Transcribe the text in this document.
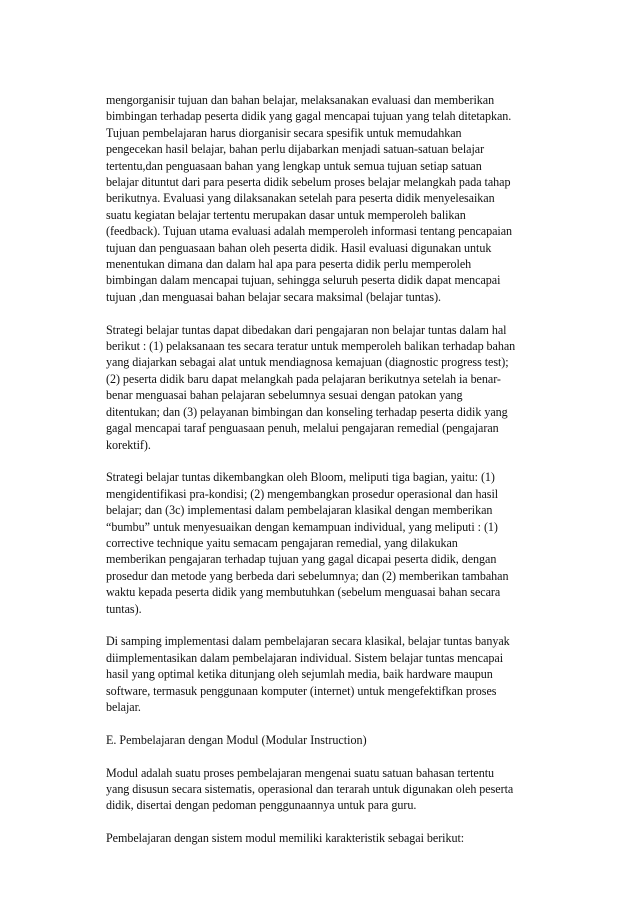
mengorganisir tujuan dan bahan belajar, melaksanakan evaluasi dan memberikan
bimbingan terhadap peserta didik yang gagal mencapai tujuan yang telah ditetapkan.
Tujuan pembelajaran harus diorganisir secara spesifik untuk memudahkan
pengecekan hasil belajar, bahan perlu dijabarkan menjadi satuan-satuan belajar
tertentu,dan penguasaan bahan yang lengkap untuk semua tujuan setiap satuan
belajar dituntut dari para peserta didik sebelum proses belajar melangkah pada tahap
berikutnya. Evaluasi yang dilaksanakan setelah para peserta didik menyelesaikan
suatu kegiatan belajar tertentu merupakan dasar untuk memperoleh balikan
(feedback). Tujuan utama evaluasi adalah memperoleh informasi tentang pencapaian
tujuan dan penguasaan bahan oleh peserta didik. Hasil evaluasi digunakan untuk
menentukan dimana dan dalam hal apa para peserta didik perlu memperoleh
bimbingan dalam mencapai tujuan, sehingga seluruh peserta didik dapat mencapai
tujuan ,dan menguasai bahan belajar secara maksimal (belajar tuntas).

Strategi belajar tuntas dapat dibedakan dari pengajaran non belajar tuntas dalam hal
berikut : (1) pelaksanaan tes secara teratur untuk memperoleh balikan terhadap bahan
yang diajarkan sebagai alat untuk mendiagnosa kemajuan (diagnostic progress test);
(2) peserta didik baru dapat melangkah pada pelajaran berikutnya setelah ia benar-
benar menguasai bahan pelajaran sebelumnya sesuai dengan patokan yang
ditentukan; dan (3) pelayanan bimbingan dan konseling terhadap peserta didik yang
gagal mencapai taraf penguasaan penuh, melalui pengajaran remedial (pengajaran
korektif).

Strategi belajar tuntas dikembangkan oleh Bloom, meliputi tiga bagian, yaitu: (1)
mengidentifikasi pra-kondisi; (2) mengembangkan prosedur operasional dan hasil
belajar; dan (3c) implementasi dalam pembelajaran klasikal dengan memberikan
“bumbu” untuk menyesuaikan dengan kemampuan individual, yang meliputi : (1)
corrective technique yaitu semacam pengajaran remedial, yang dilakukan
memberikan pengajaran terhadap tujuan yang gagal dicapai peserta didik, dengan
prosedur dan metode yang berbeda dari sebelumnya; dan (2) memberikan tambahan
waktu kepada peserta didik yang membutuhkan (sebelum menguasai bahan secara
tuntas).

Di samping implementasi dalam pembelajaran secara klasikal, belajar tuntas banyak
diimplementasikan dalam pembelajaran individual. Sistem belajar tuntas mencapai
hasil yang optimal ketika ditunjang oleh sejumlah media, baik hardware maupun
software, termasuk penggunaan komputer (internet) untuk mengefektifkan proses
belajar.

E. Pembelajaran dengan Modul (Modular Instruction)

Modul adalah suatu proses pembelajaran mengenai suatu satuan bahasan tertentu
yang disusun secara sistematis, operasional dan terarah untuk digunakan oleh peserta
didik, disertai dengan pedoman penggunaannya untuk para guru.

Pembelajaran dengan sistem modul memiliki karakteristik sebagai berikut:
